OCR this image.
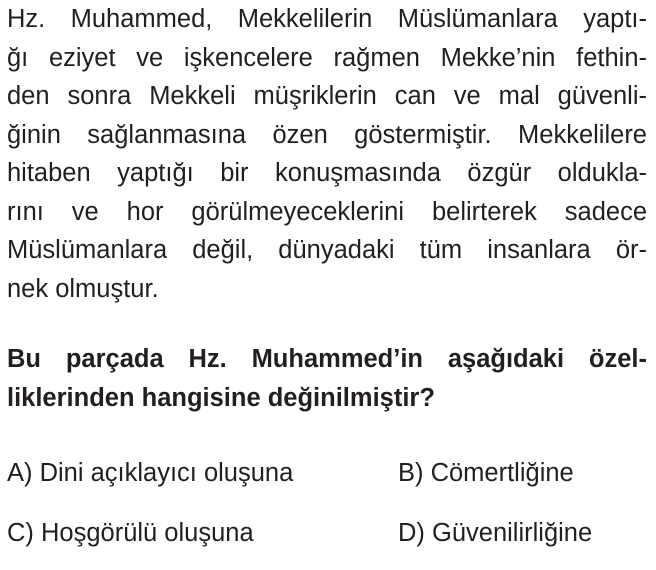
Hz. Muhammed, Mekkelilerin Müslümanlara yaptı-
ğı eziyet ve işkencelere rağmen Mekke’nin fethin-
den sonra Mekkeli müşriklerin can ve mal güvenli-
ğinin sağlanmasına özen göstermiştir. Mekkelilere
hitaben yaptığı bir konuşmasında özgür oldukla-
rını ve hor görülmeyeceklerini belirterek sadece
Müslümanlara değil, dünyadaki tüm insanlara ör-
nek olmuştur.
Bu parçada Hz. Muhammed’in aşağıdaki özel-
liklerinden hangisine değinilmiştir?
A) Dini açıklayıcı oluşuna	B) Cömertliğine
C) Hoşgörülü oluşuna	D) Güvenilirliğine
